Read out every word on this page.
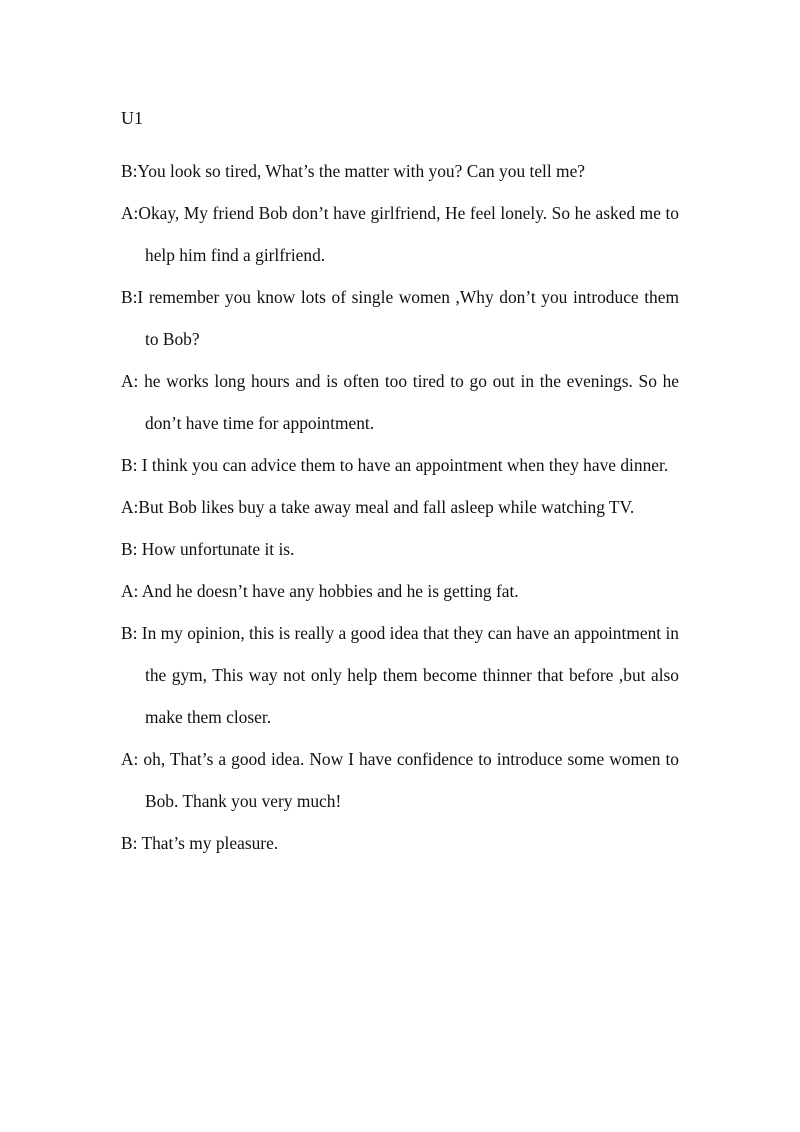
U1

B:You look so tired, What’s the matter with you? Can you tell me?

A:Okay, My friend Bob don’t have girlfriend, He feel lonely. So he asked me to help him find a girlfriend.

B:I remember you know lots of single women ,Why don’t you introduce them to Bob?

A: he works long hours and is often too tired to go out in the evenings. So he don’t have time for appointment.

B: I think you can advice them to have an appointment when they have dinner.

A:But Bob likes buy a take away meal and fall asleep while watching TV.

B: How unfortunate it is.

A: And he doesn’t have any hobbies and he is getting fat.

B: In my opinion, this is really a good idea that they can have an appointment in the gym, This way not only help them become thinner that before ,but also make them closer.

A: oh, That’s a good idea. Now I have confidence to introduce some women to Bob. Thank you very much!

B: That’s my pleasure.
